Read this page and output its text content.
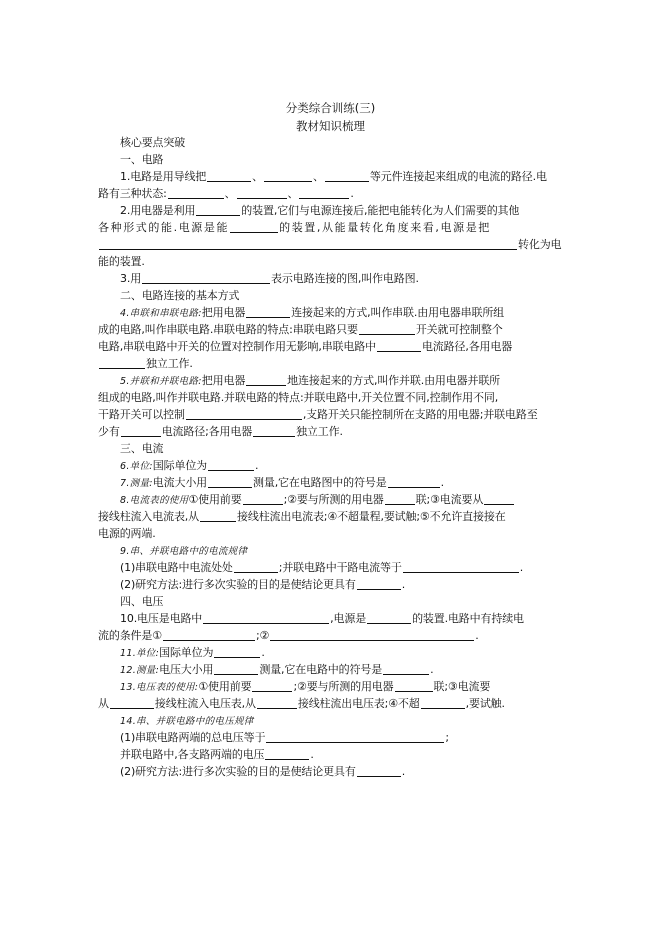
分类综合训练(三)
教材知识梳理
核心要点突破
一、电路
1.电路是用导线把	、	、	等元件连接起来组成的电流的路径.电
路有三种状态:	、	、	.
2.用电器是利用	的装置,它们与电源连接后,能把电能转化为人们需要的其他
各种形式的能.电源是能	的装置,从能量转化角度来看,电源是把
转化为电
能的装置.
3.用	表示电路连接的图,叫作电路图.
二、电路连接的基本方式
4.串联和串联电路:把用电器	连接起来的方式,叫作串联.由用电器串联所组
成的电路,叫作串联电路.串联电路的特点:串联电路只要	开关就可控制整个
电路,串联电路中开关的位置对控制作用无影响,串联电路中	电流路径,各用电器
独立工作.
5.并联和并联电路:把用电器	地连接起来的方式,叫作并联.由用电器并联所
组成的电路,叫作并联电路.并联电路的特点:并联电路中,开关位置不同,控制作用不同,
干路开关可以控制	,支路开关只能控制所在支路的用电器;并联电路至
少有	电流路径;各用电器	独立工作.
三、电流
6.单位:国际单位为	.
7.测量:电流大小用	测量,它在电路图中的符号是	.
8.电流表的使用①使用前要	;②要与所测的用电器	联;③电流要从
接线柱流入电流表,从	接线柱流出电流表;④不超量程,要试触;⑤不允许直接接在
电源的两端.
9.串、并联电路中的电流规律
(1)串联电路中电流处处	;并联电路中干路电流等于	.
(2)研究方法:进行多次实验的目的是使结论更具有	.
四、电压
10.电压是电路中	,电源是	的装置.电路中有持续电
流的条件是①	;②	.
11.单位:国际单位为	.
12.测量:电压大小用	测量,它在电路中的符号是	.
13.电压表的使用:①使用前要	;②要与所测的用电器	联;③电流要
从	接线柱流入电压表,从	接线柱流出电压表;④不超	,要试触.
14.串、并联电路中的电压规律
(1)串联电路两端的总电压等于	;
并联电路中,各支路两端的电压	.
(2)研究方法:进行多次实验的目的是使结论更具有	.
